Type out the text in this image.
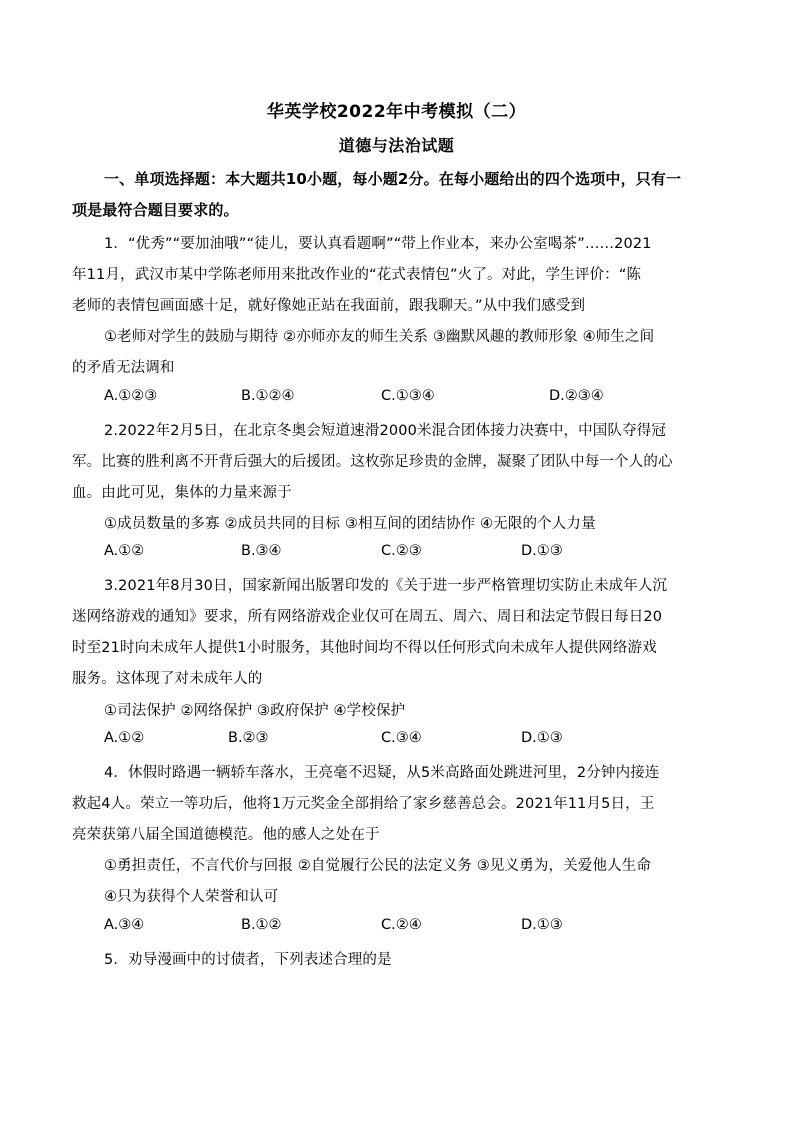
华英学校2022年中考模拟（二）
道德与法治试题
一、单项选择题：本大题共10小题，每小题2分。在每小题给出的四个选项中，只有一
项是最符合题目要求的。
1．“优秀”“要加油哦”“徒儿，要认真看题啊”“带上作业本，来办公室喝茶”……2021
年11月，武汉市某中学陈老师用来批改作业的“花式表情包”火了。对此，学生评价：“陈
老师的表情包画面感十足，就好像她正站在我面前，跟我聊天。”从中我们感受到
①老师对学生的鼓励与期待 ②亦师亦友的师生关系 ③幽默风趣的教师形象 ④师生之间
的矛盾无法调和
A.①②③	B.①②④	C.①③④	D.②③④
2.2022年2月5日，在北京冬奥会短道速滑2000米混合团体接力决赛中，中国队夺得冠
军。比赛的胜利离不开背后强大的后援团。这枚弥足珍贵的金牌，凝聚了团队中每一个人的心
血。由此可见，集体的力量来源于
①成员数量的多寡 ②成员共同的目标 ③相互间的团结协作 ④无限的个人力量
A.①②	B.③④	C.②③	D.①③
3.2021年8月30日，国家新闻出版署印发的《关于进一步严格管理切实防止未成年人沉
迷网络游戏的通知》要求，所有网络游戏企业仅可在周五、周六、周日和法定节假日每日20
时至21时向未成年人提供1小时服务，其他时间均不得以任何形式向未成年人提供网络游戏
服务。这体现了对未成年人的
①司法保护 ②网络保护 ③政府保护 ④学校保护
A.①②	B.②③	C.③④	D.①③
4．休假时路遇一辆轿车落水，王亮毫不迟疑，从5米高路面处跳进河里，2分钟内接连
救起4人。荣立一等功后，他将1万元奖金全部捐给了家乡慈善总会。2021年11月5日，王
亮荣获第八届全国道德模范。他的感人之处在于
①勇担责任，不言代价与回报 ②自觉履行公民的法定义务 ③见义勇为，关爱他人生命
④只为获得个人荣誉和认可
A.③④	B.①②	C.②④	D.①③
5．劝导漫画中的讨债者，下列表述合理的是
